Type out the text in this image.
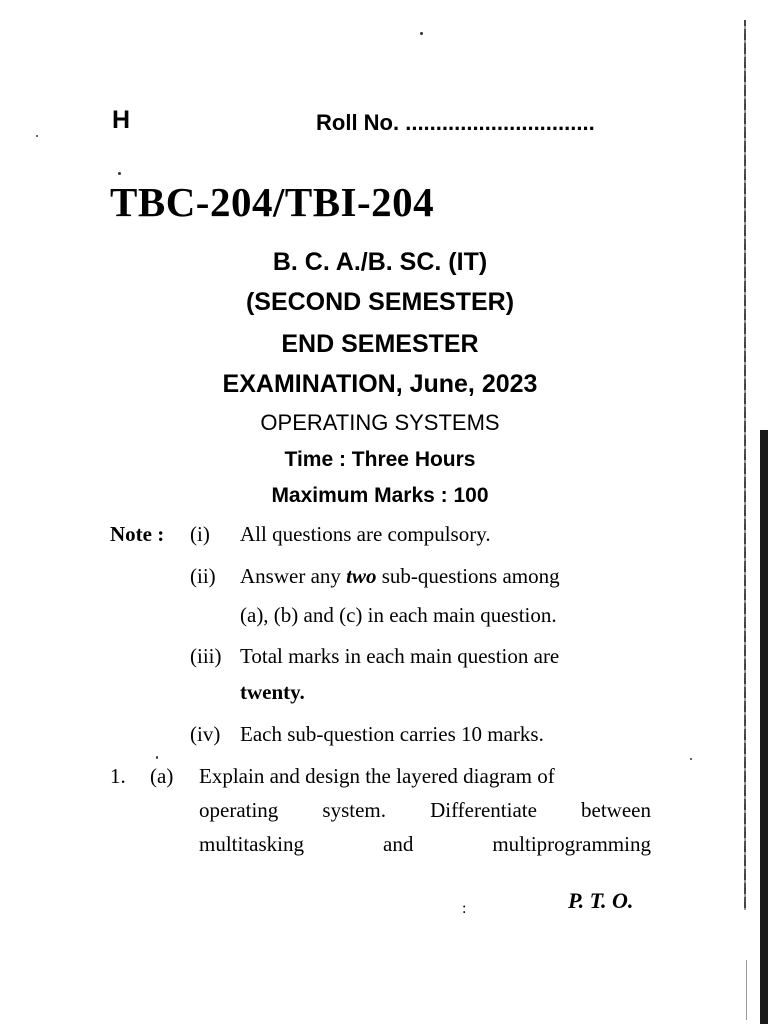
H	Roll No. ...............................
TBC-204/TBI-204
B. C. A./B. SC. (IT)
(SECOND SEMESTER)
END SEMESTER
EXAMINATION, June, 2023
OPERATING SYSTEMS
Time : Three Hours
Maximum Marks : 100
Note : (i) All questions are compulsory.
(ii) Answer any two sub-questions among
(a), (b) and (c) in each main question.
(iii) Total marks in each main question are
twenty.
(iv) Each sub-question carries 10 marks.
1. (a) Explain and design the layered diagram of
operating system. Differentiate between
multitasking	and	multiprogramming
:	P. T. O.
